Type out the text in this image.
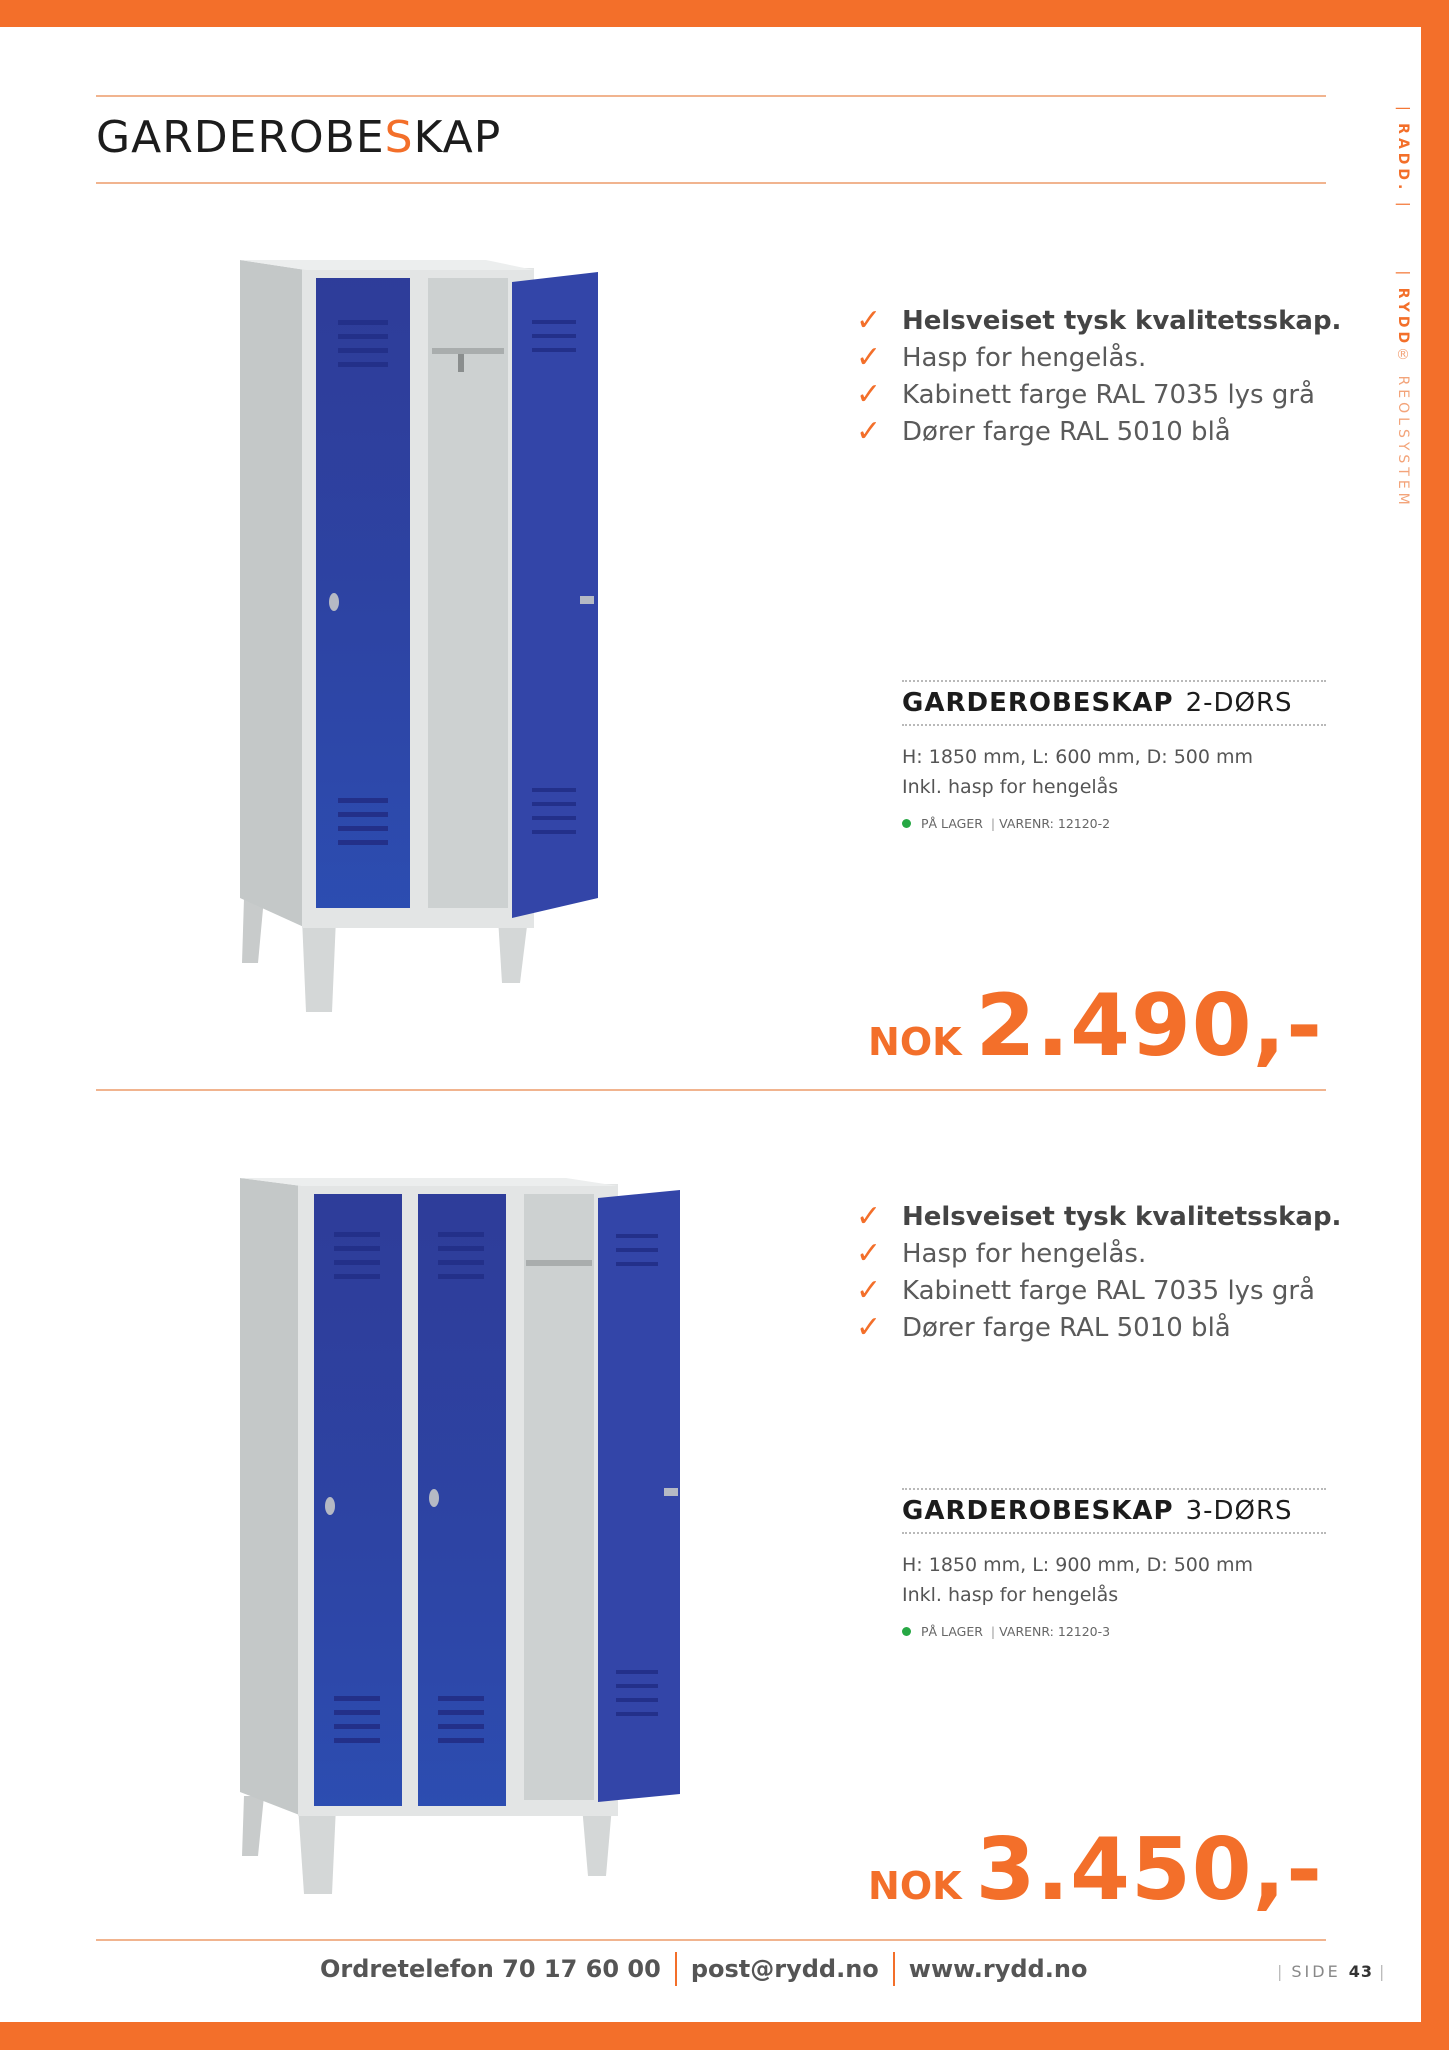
| RADD. || RYDD® REOLSYSTEM
GARDEROBESKAP
✓ Helsveiset tysk kvalitetsskap.
✓ Hasp for hengelås.
✓ Kabinett farge RAL 7035 lys grå
✓ Dører farge RAL 5010 blå
GARDEROBESKAP 2-DØRS
H: 1850 mm, L: 600 mm, D: 500 mm
Inkl. hasp for hengelås
PÅ LAGER | VARENR: 12120-2
NOK 2.490,-
✓ Helsveiset tysk kvalitetsskap.
✓ Hasp for hengelås.
✓ Kabinett farge RAL 7035 lys grå
✓ Dører farge RAL 5010 blå
GARDEROBESKAP 3-DØRS
H: 1850 mm, L: 900 mm, D: 500 mm
Inkl. hasp for hengelås
PÅ LAGER | VARENR: 12120-3
NOK 3.450,-
Ordretelefon 70 17 60 00 post@rydd.no www.rydd.no	| SIDE 43 |
